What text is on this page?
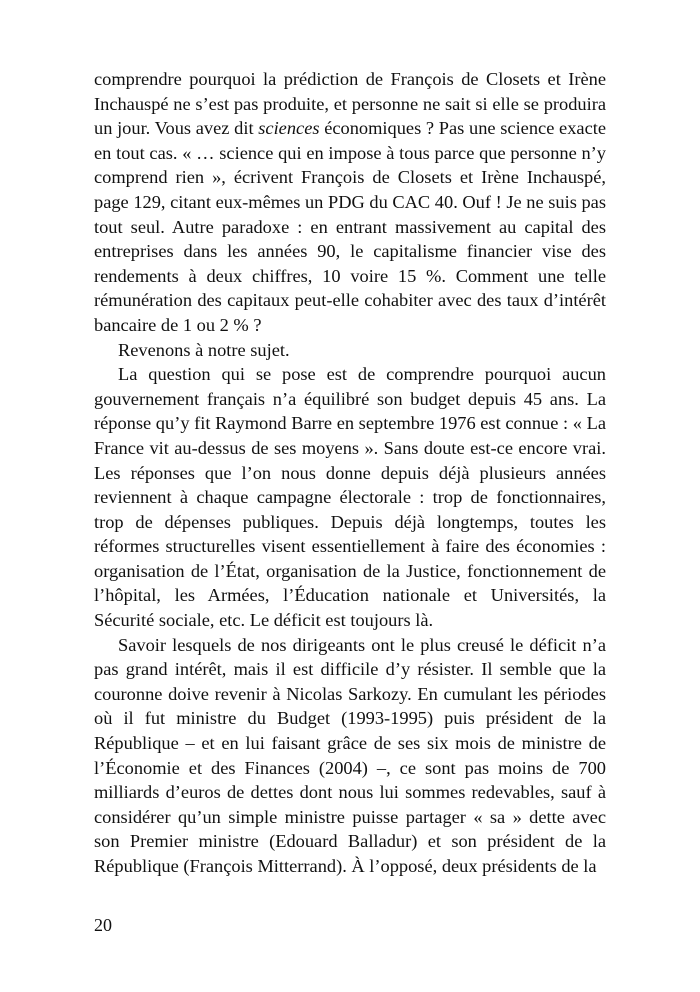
comprendre pourquoi la prédiction de François de Closets et Irène Inchauspé ne s’est pas produite, et personne ne sait si elle se produira un jour. Vous avez dit sciences économiques ? Pas une science exacte en tout cas. « … science qui en impose à tous parce que personne n’y comprend rien », écrivent François de Closets et Irène Inchauspé, page 129, citant eux-mêmes un PDG du CAC 40. Ouf ! Je ne suis pas tout seul. Autre paradoxe : en entrant massivement au capital des entreprises dans les années 90, le capitalisme financier vise des rendements à deux chiffres, 10 voire 15 %. Comment une telle rémunération des capitaux peut-elle cohabiter avec des taux d’intérêt bancaire de 1 ou 2 % ?

Revenons à notre sujet.

La question qui se pose est de comprendre pourquoi aucun gouvernement français n’a équilibré son budget depuis 45 ans. La réponse qu’y fit Raymond Barre en septembre 1976 est connue : « La France vit au-dessus de ses moyens ». Sans doute est-ce encore vrai. Les réponses que l’on nous donne depuis déjà plusieurs années reviennent à chaque campagne électorale : trop de fonctionnaires, trop de dépenses publiques. Depuis déjà longtemps, toutes les réformes structurelles visent essentiellement à faire des économies : organisation de l’État, organisation de la Justice, fonctionnement de l’hôpital, les Armées, l’Éducation nationale et Universités, la Sécurité sociale, etc. Le déficit est toujours là.

Savoir lesquels de nos dirigeants ont le plus creusé le déficit n’a pas grand intérêt, mais il est difficile d’y résister. Il semble que la couronne doive revenir à Nicolas Sarkozy. En cumulant les périodes où il fut ministre du Budget (1993-1995) puis président de la République – et en lui faisant grâce de ses six mois de ministre de l’Économie et des Finances (2004) –, ce sont pas moins de 700 milliards d’euros de dettes dont nous lui sommes redevables, sauf à considérer qu’un simple ministre puisse partager « sa » dette avec son Premier ministre (Edouard Balladur) et son président de la République (François Mitterrand). À l’opposé, deux présidents de la

20
